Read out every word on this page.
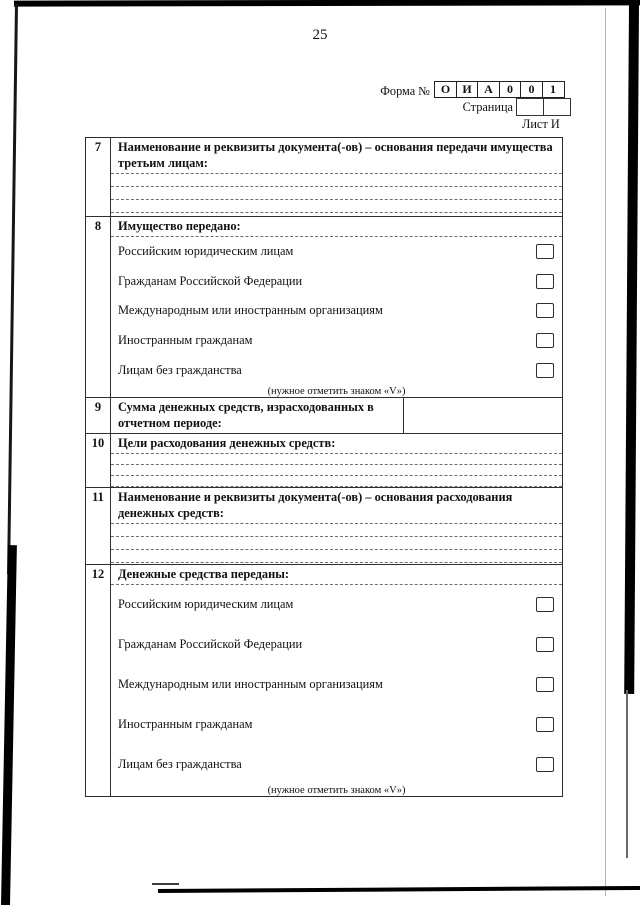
25
Форма № О	И	А	0	0	1
Страница
Лист И
7	Наименование и реквизиты документа(-ов) – основания передачи имущества третьим лицам:
8	Имущество передано:
Российским юридическим лицам
Гражданам Российской Федерации
Международным или иностранным организациям
Иностранным гражданам
Лицам без гражданства
(нужное отметить знаком «V»)
9	Сумма денежных средств, израсходованных в отчетном периоде:
10	Цели расходования денежных средств:
11	Наименование и реквизиты документа(-ов) – основания расходования денежных средств:
12	Денежные средства переданы:
Российским юридическим лицам
Гражданам Российской Федерации
Международным или иностранным организациям
Иностранным гражданам
Лицам без гражданства
(нужное отметить знаком «V»)
